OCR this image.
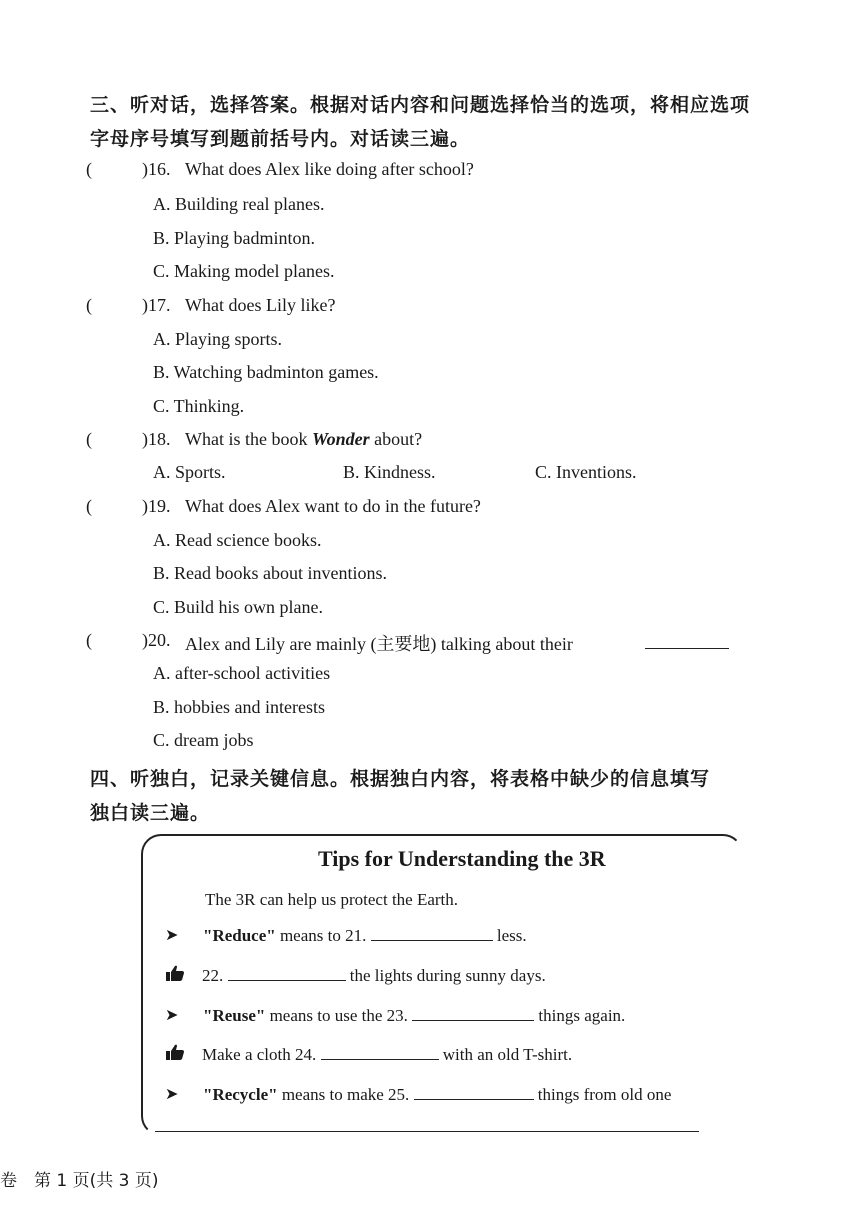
三、听对话，选择答案。根据对话内容和问题选择恰当的选项，将相应选项
字母序号填写到题前括号内。对话读三遍。
(	)16. What does Alex like doing after school?
A. Building real planes.
B. Playing badminton.
C. Making model planes.
(	)17. What does Lily like?
A. Playing sports.
B. Watching badminton games.
C. Thinking.
(	)18. What is the book Wonder about?
A. Sports.	B. Kindness.	C. Inventions.
(	)19. What does Alex want to do in the future?
A. Read science books.
B. Read books about inventions.
C. Build his own plane.
(	)20. Alex and Lily are mainly (主要地) talking about their
A. after-school activities
B. hobbies and interests
C. dream jobs
四、听独白，记录关键信息。根据独白内容，将表格中缺少的信息填写
独白读三遍。
Tips for Understanding the 3R
The 3R can help us protect the Earth.
➤ "Reduce" means to 21.	less.
22.	the lights during sunny days.
➤ "Reuse" means to use the 23.	things again.
Make a cloth 24.	with an old T-shirt.
➤ "Recycle" means to make 25.	things from old one
卷　第 1 页(共 3 页)
